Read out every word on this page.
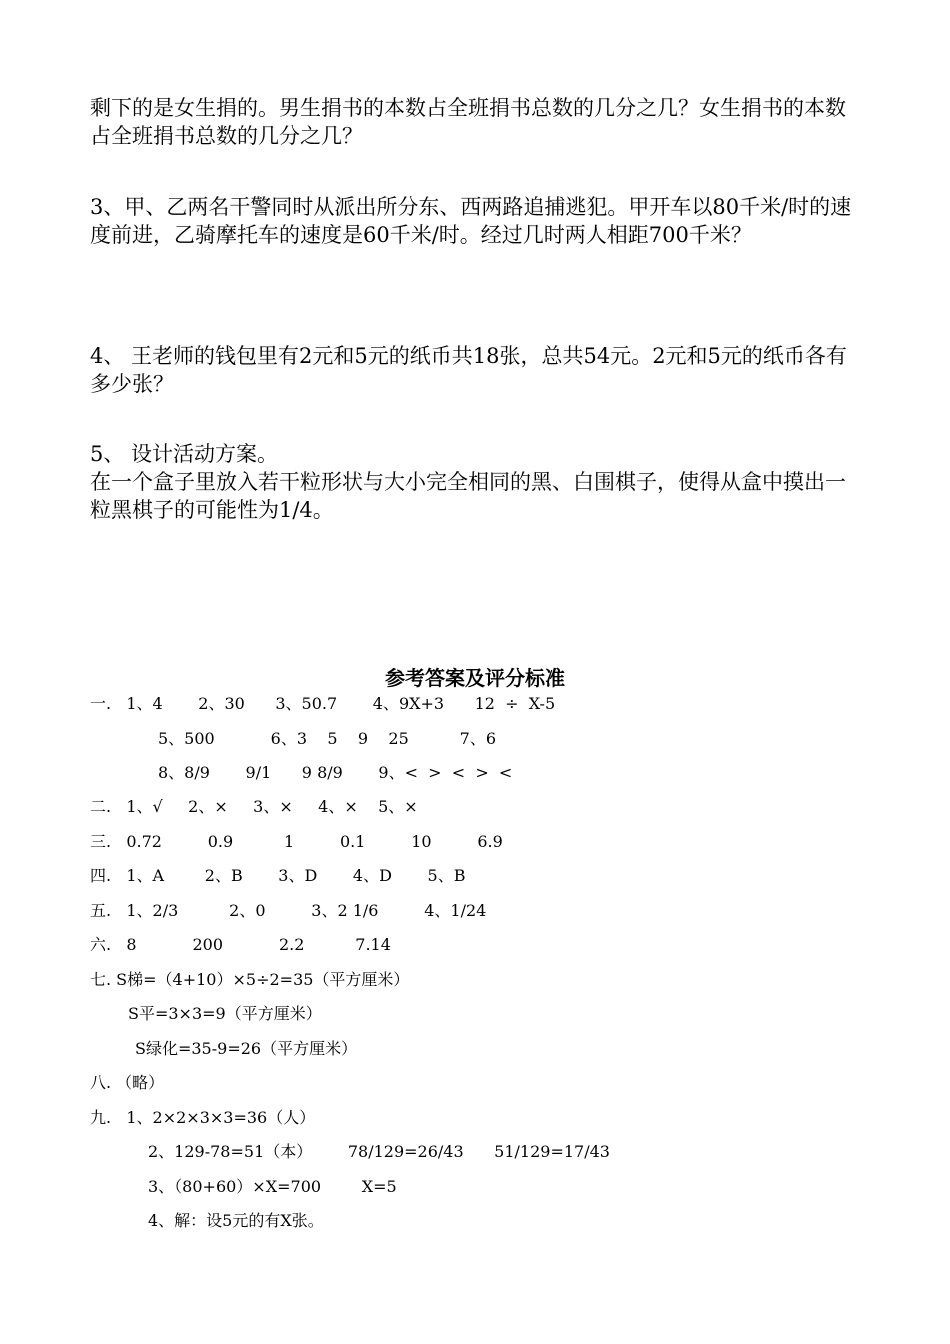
剩下的是女生捐的。男生捐书的本数占全班捐书总数的几分之几？女生捐书的本数占全班捐书总数的几分之几？

3、甲、乙两名干警同时从派出所分东、西两路追捕逃犯。甲开车以80千米/时的速度前进，乙骑摩托车的速度是60千米/时。经过几时两人相距700千米？

4、 王老师的钱包里有2元和5元的纸币共18张，总共54元。2元和5元的纸币各有多少张？

5、 设计活动方案。

在一个盒子里放入若干粒形状与大小完全相同的黑、白围棋子，使得从盒中摸出一粒黑棋子的可能性为1/4。

参考答案及评分标准
一.   1、4       2、30      3、50.7       4、9X+3      12  ÷  X-5
5、500           6、3    5    9    25          7、6
8、8/9       9/1      9 8/9       9、<  >  <  >  <
二.   1、√     2、×     3、×     4、×    5、×
三.   0.72         0.9          1         0.1         10         6.9
四.   1、A        2、B       3、D       4、D       5、B
五.   1、2/3          2、0         3、2 1/6         4、1/24
六.   8           200           2.2          7.14
七. S梯=（4+10）×5÷2=35（平方厘米）
S平=3×3=9（平方厘米）
S绿化=35-9=26（平方厘米）
八. （略）
九.   1、2×2×3×3=36（人）
2、129-78=51（本）       78/129=26/43      51/129=17/43
3、（80+60）×X=700        X=5
4、解：设5元的有X张。
